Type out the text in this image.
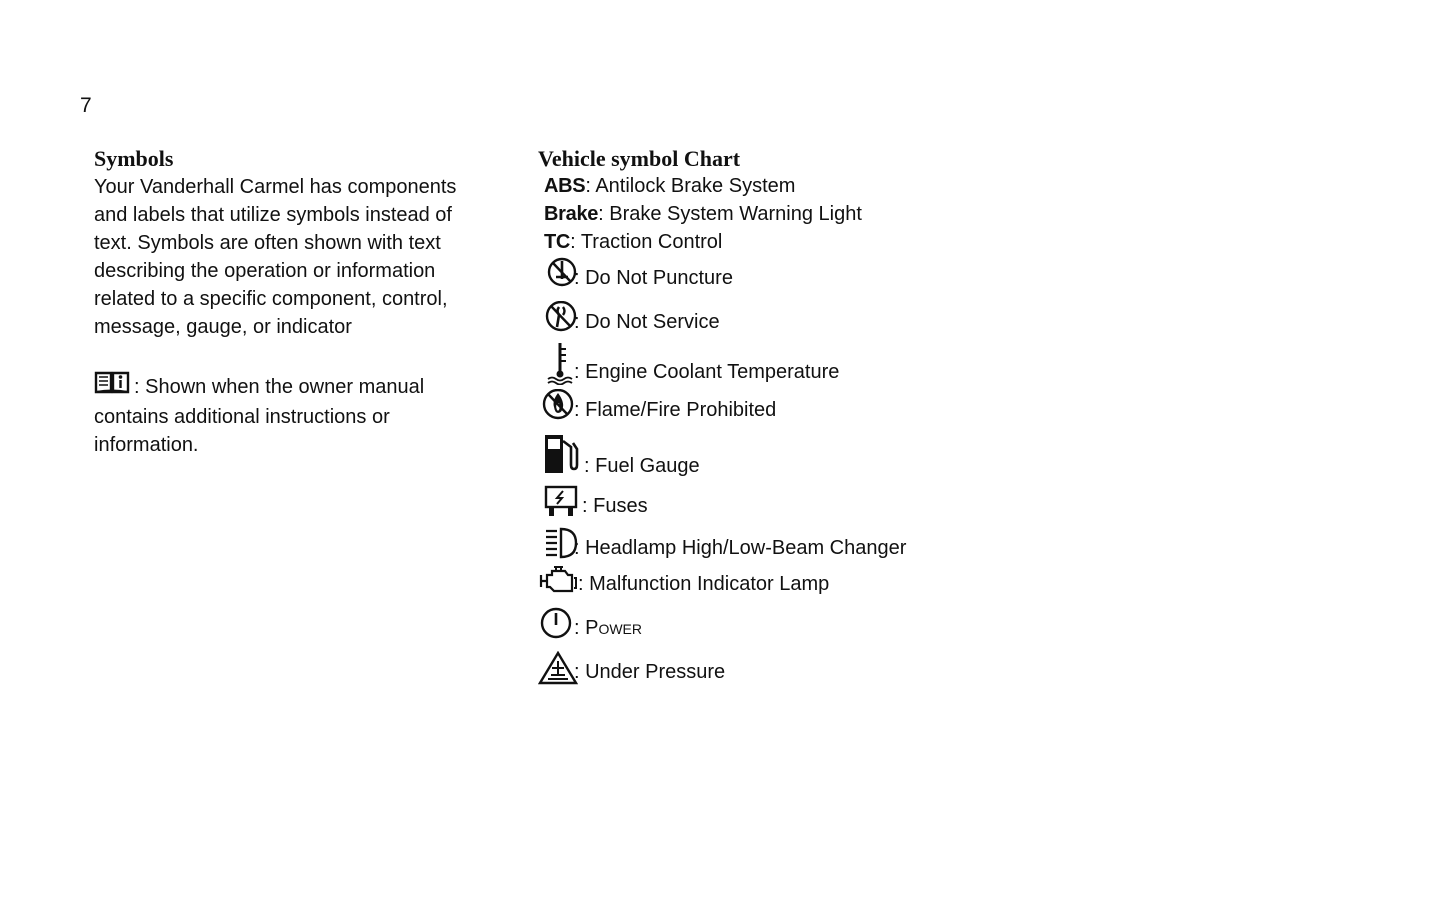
7
Symbols
Your Vanderhall Carmel has components and labels that utilize symbols instead of text. Symbols are often shown with text describing the operation or information related to a specific component, control, message, gauge, or indicator
: Shown when the owner manual contains additional instructions or information.
Vehicle symbol Chart
ABS : Antilock Brake System
Brake : Brake System Warning Light
TC : Traction Control
: Do Not Puncture
: Do Not Service
: Engine Coolant Temperature
: Flame/Fire Prohibited
: Fuel Gauge
: Fuses
: Headlamp High/Low-Beam Changer
: Malfunction Indicator Lamp
: Power
: Under Pressure
